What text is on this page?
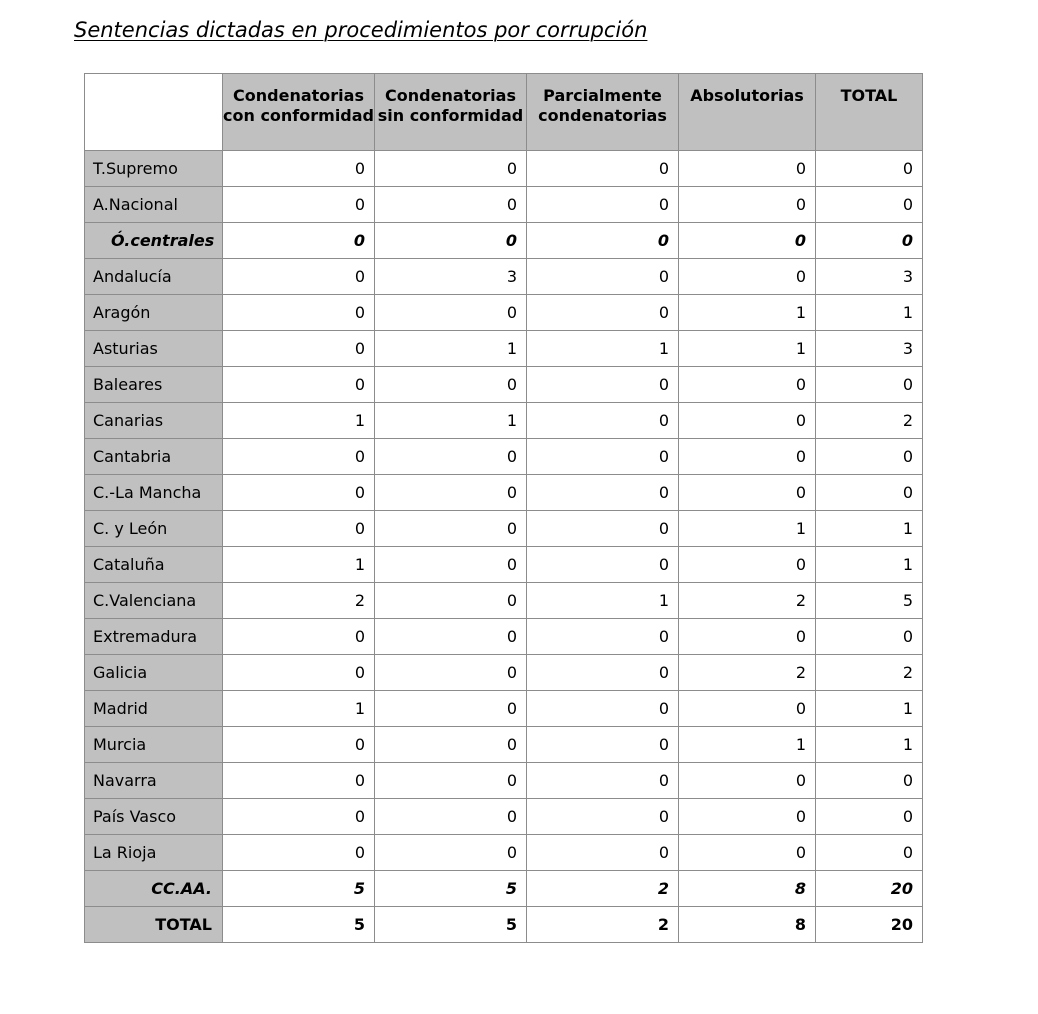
Sentencias dictadas en procedimientos por corrupción
	Condenatorias con conformidad	Condenatorias sin conformidad	Parcialmente condenatorias	Absolutorias	TOTAL
T.Supremo	0	0	0	0	0
A.Nacional	0	0	0	0	0
Ó.centrales	0	0	0	0	0
Andalucía	0	3	0	0	3
Aragón	0	0	0	1	1
Asturias	0	1	1	1	3
Baleares	0	0	0	0	0
Canarias	1	1	0	0	2
Cantabria	0	0	0	0	0
C.-La Mancha	0	0	0	0	0
C. y León	0	0	0	1	1
Cataluña	1	0	0	0	1
C.Valenciana	2	0	1	2	5
Extremadura	0	0	0	0	0
Galicia	0	0	0	2	2
Madrid	1	0	0	0	1
Murcia	0	0	0	1	1
Navarra	0	0	0	0	0
País Vasco	0	0	0	0	0
La Rioja	0	0	0	0	0
CC.AA.	5	5	2	8	20
TOTAL	5	5	2	8	20
